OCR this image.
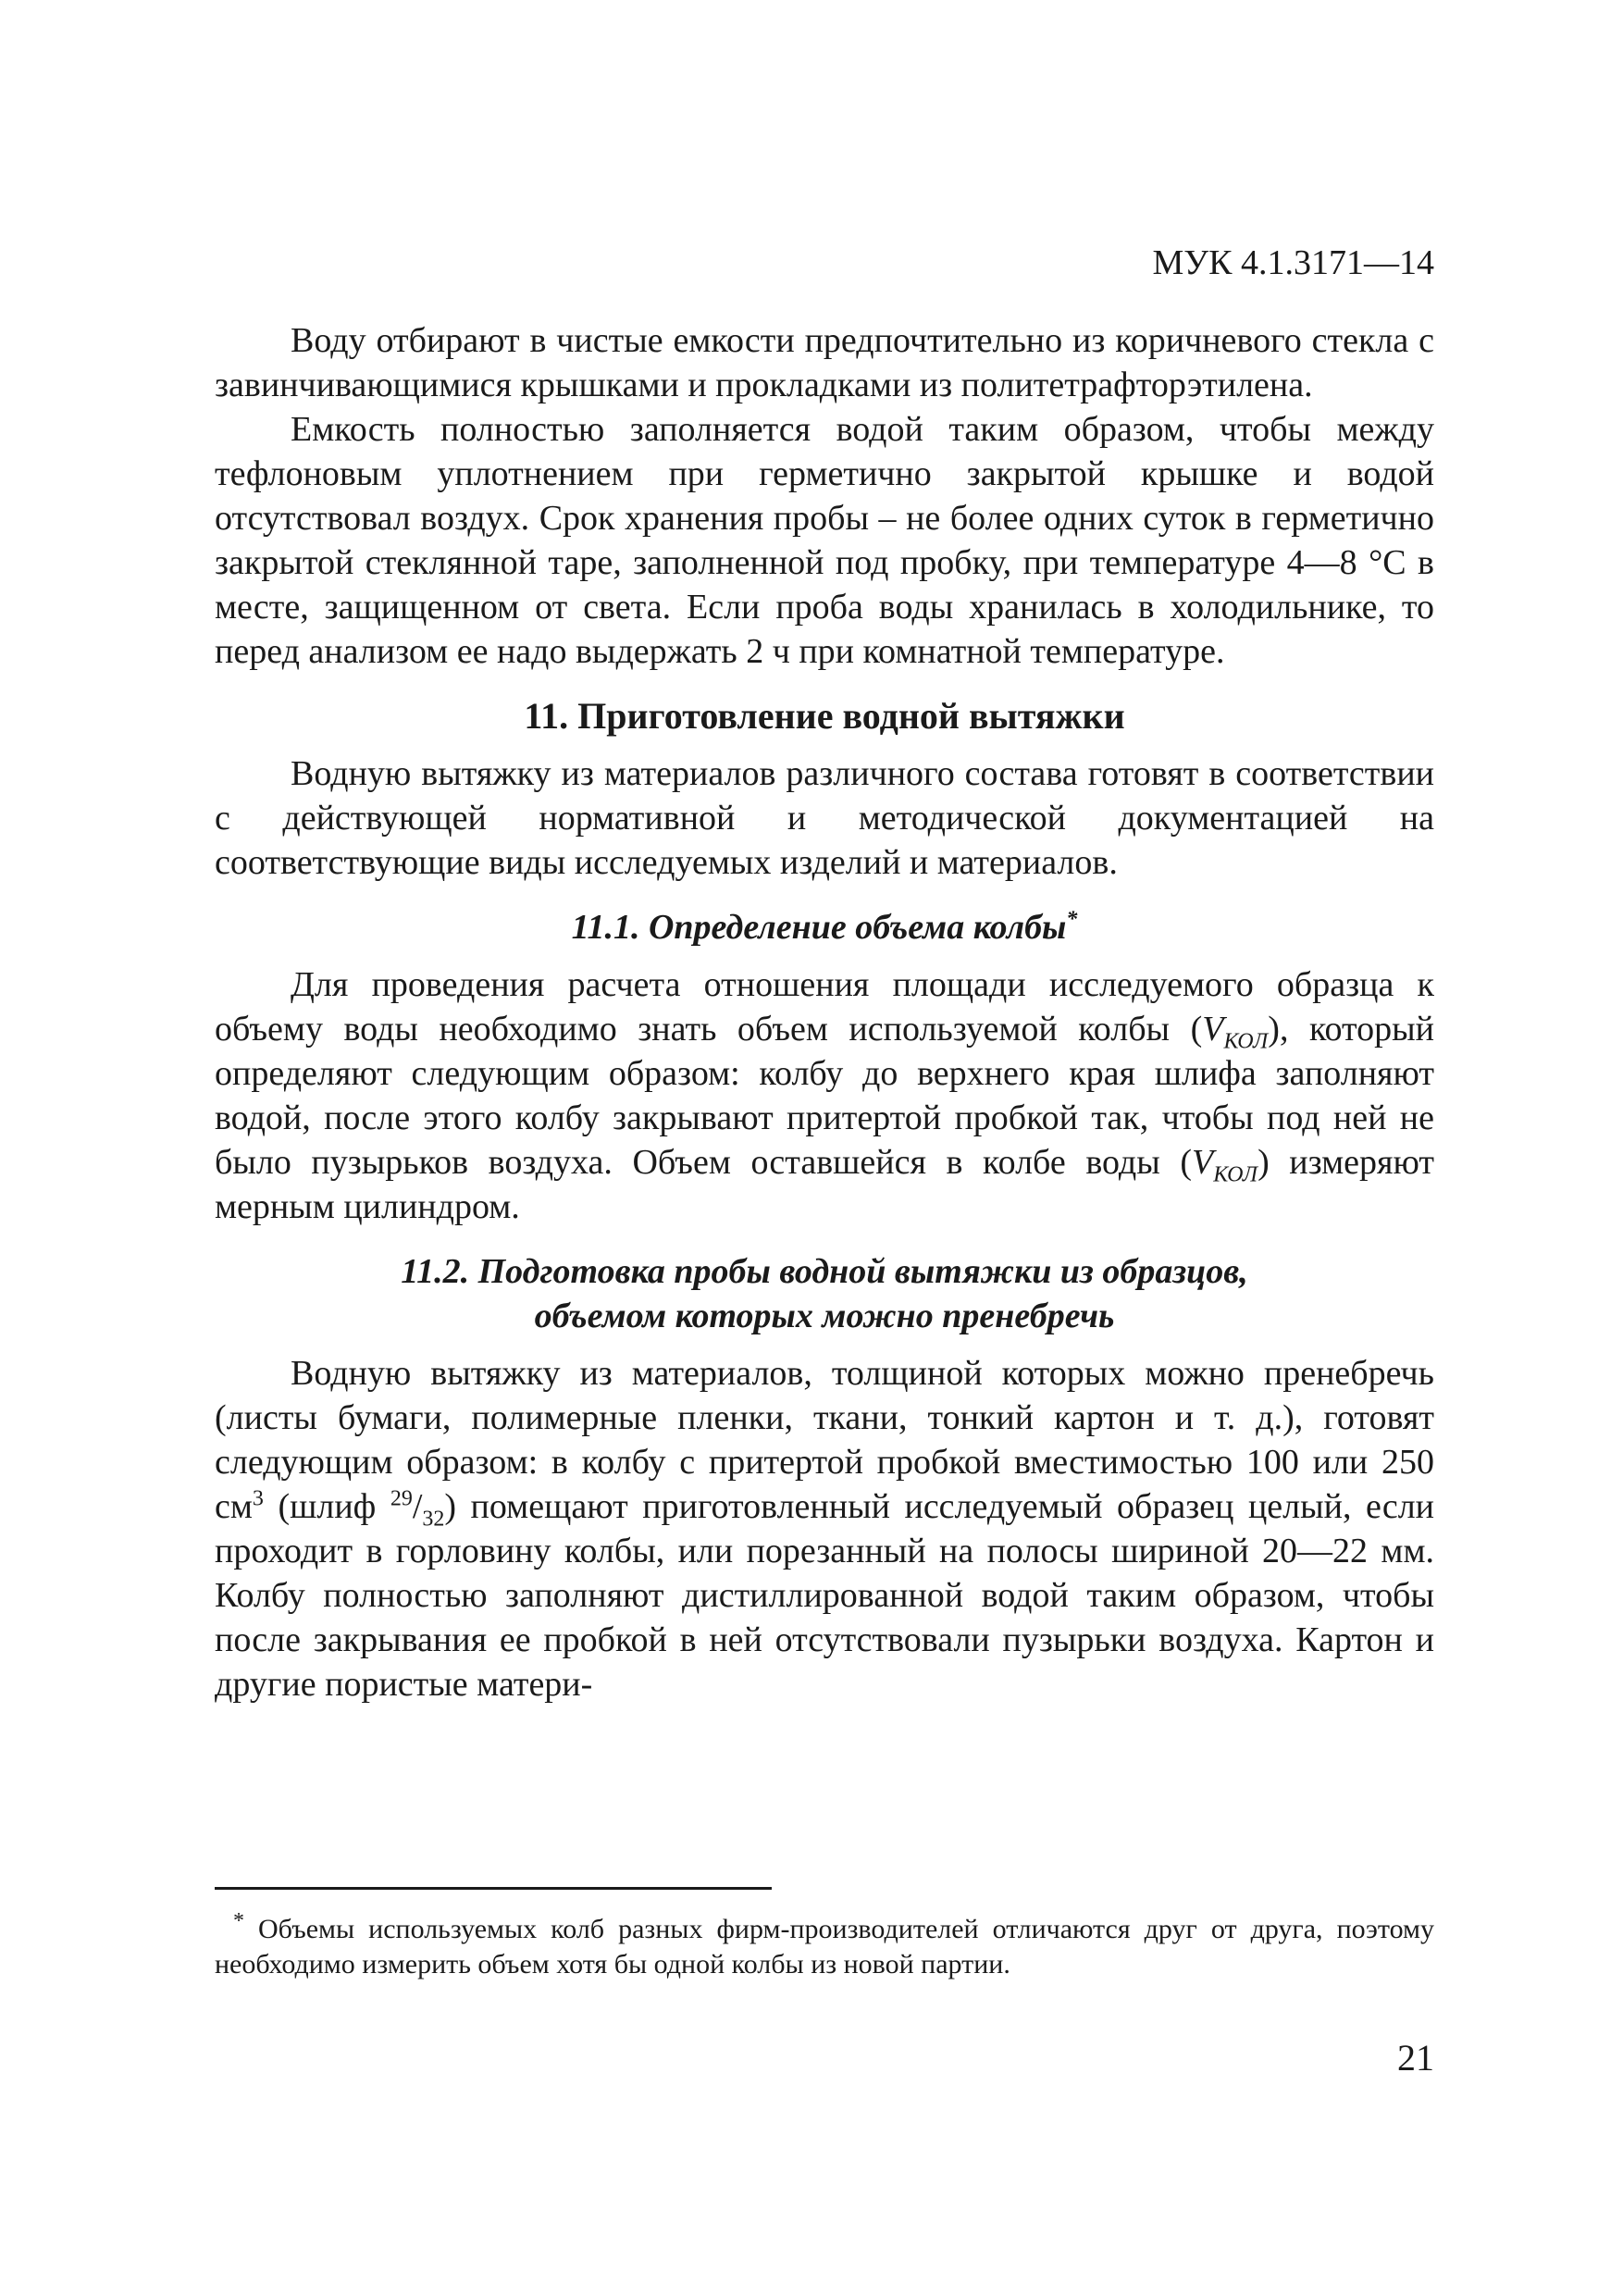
МУК 4.1.3171—14

Воду отбирают в чистые емкости предпочтительно из коричневого стекла с завинчивающимися крышками и прокладками из политетрафторэтилена.

Емкость полностью заполняется водой таким образом, чтобы между тефлоновым уплотнением при герметично закрытой крышке и водой отсутствовал воздух. Срок хранения пробы – не более одних суток в герметично закрытой стеклянной таре, заполненной под пробку, при температуре 4—8 °С в месте, защищенном от света. Если проба воды хранилась в холодильнике, то перед анализом ее надо выдержать 2 ч при комнатной температуре.

11. Приготовление водной вытяжки

Водную вытяжку из материалов различного состава готовят в соответствии с действующей нормативной и методической документацией на соответствующие виды исследуемых изделий и материалов.

11.1. Определение объема колбы*

Для проведения расчета отношения площади исследуемого образца к объему воды необходимо знать объем используемой колбы $(V_{КОЛ})$, который определяют следующим образом: колбу до верхнего края шлифа заполняют водой, после этого колбу закрывают притертой пробкой так, чтобы под ней не было пузырьков воздуха. Объем оставшейся в колбе воды $(V_{КОЛ})$ измеряют мерным цилиндром.

11.2. Подготовка пробы водной вытяжки из образцов,
объемом которых можно пренебречь

Водную вытяжку из материалов, толщиной которых можно пренебречь (листы бумаги, полимерные пленки, ткани, тонкий картон и т. д.), готовят следующим образом: в колбу с притертой пробкой вместимостью 100 или 250 $см^3$ (шлиф $^{29}/_{32}$) помещают приготовленный исследуемый образец целый, если проходит в горловину колбы, или порезанный на полосы шириной 20—22 мм. Колбу полностью заполняют дистиллированной водой таким образом, чтобы после закрывания ее пробкой в ней отсутствовали пузырьки воздуха. Картон и другие пористые матери-

* Объемы используемых колб разных фирм-производителей отличаются друг от друга, поэтому необходимо измерить объем хотя бы одной колбы из новой партии.
21
